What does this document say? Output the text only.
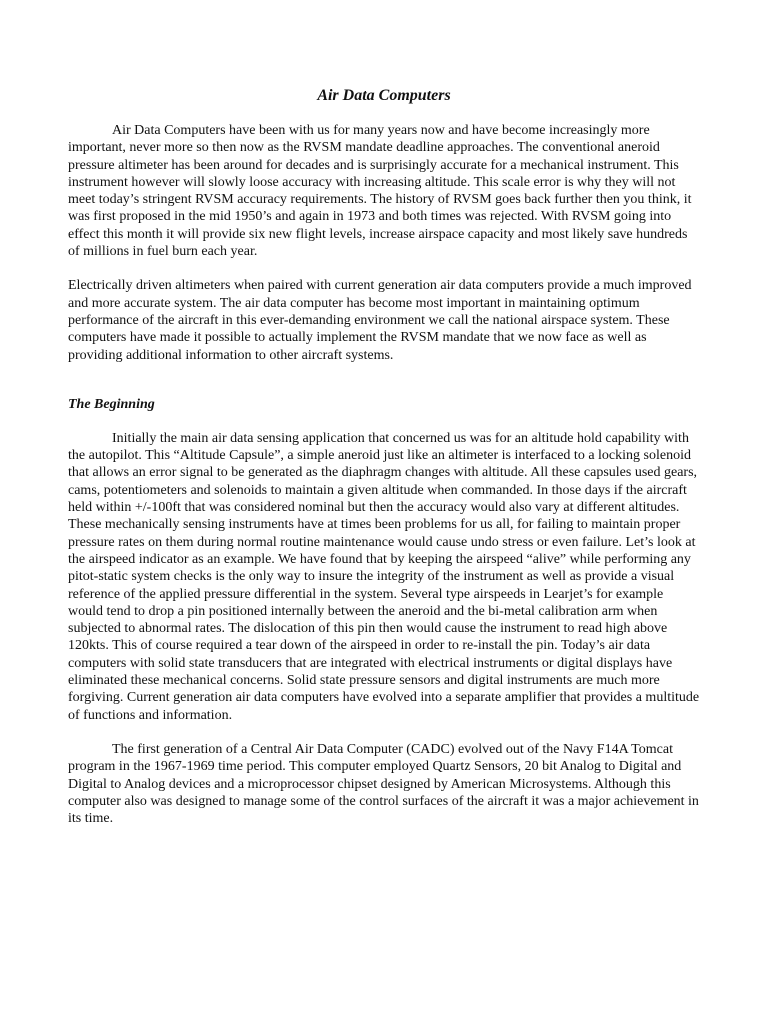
Air Data Computers

Air Data Computers have been with us for many years now and have become increasingly more important, never more so then now as the RVSM mandate deadline approaches. The conventional aneroid pressure altimeter has been around for decades and is surprisingly accurate for a mechanical instrument. This instrument however will slowly loose accuracy with increasing altitude. This scale error is why they will not meet today’s stringent RVSM accuracy requirements. The history of RVSM goes back further then you think, it was first proposed in the mid 1950’s and again in 1973 and both times was rejected. With RVSM going into effect this month it will provide six new flight levels, increase airspace capacity and most likely save hundreds of millions in fuel burn each year.

Electrically driven altimeters when paired with current generation air data computers provide a much improved and more accurate system. The air data computer has become most important in maintaining optimum performance of the aircraft in this ever-demanding environment we call the national airspace system. These computers have made it possible to actually implement the RVSM mandate that we now face as well as providing additional information to other aircraft systems.

The Beginning

Initially the main air data sensing application that concerned us was for an altitude hold capability with the autopilot. This “Altitude Capsule”, a simple aneroid just like an altimeter is interfaced to a locking solenoid that allows an error signal to be generated as the diaphragm changes with altitude. All these capsules used gears, cams, potentiometers and solenoids to maintain a given altitude when commanded. In those days if the aircraft held within +/-100ft that was considered nominal but then the accuracy would also vary at different altitudes. These mechanically sensing instruments have at times been problems for us all, for failing to maintain proper pressure rates on them during normal routine maintenance would cause undo stress or even failure. Let’s look at the airspeed indicator as an example. We have found that by keeping the airspeed “alive” while performing any pitot-static system checks is the only way to insure the integrity of the instrument as well as provide a visual reference of the applied pressure differential in the system. Several type airspeeds in Learjet’s for example would tend to drop a pin positioned internally between the aneroid and the bi-metal calibration arm when subjected to abnormal rates. The dislocation of this pin then would cause the instrument to read high above 120kts. This of course required a tear down of the airspeed in order to re-install the pin. Today’s air data computers with solid state transducers that are integrated with electrical instruments or digital displays have eliminated these mechanical concerns. Solid state pressure sensors and digital instruments are much more forgiving. Current generation air data computers have evolved into a separate amplifier that provides a multitude of functions and information.

The first generation of a Central Air Data Computer (CADC) evolved out of the Navy F14A Tomcat program in the 1967-1969 time period. This computer employed Quartz Sensors, 20 bit Analog to Digital and Digital to Analog devices and a microprocessor chipset designed by American Microsystems. Although this computer also was designed to manage some of the control surfaces of the aircraft it was a major achievement in its time.
